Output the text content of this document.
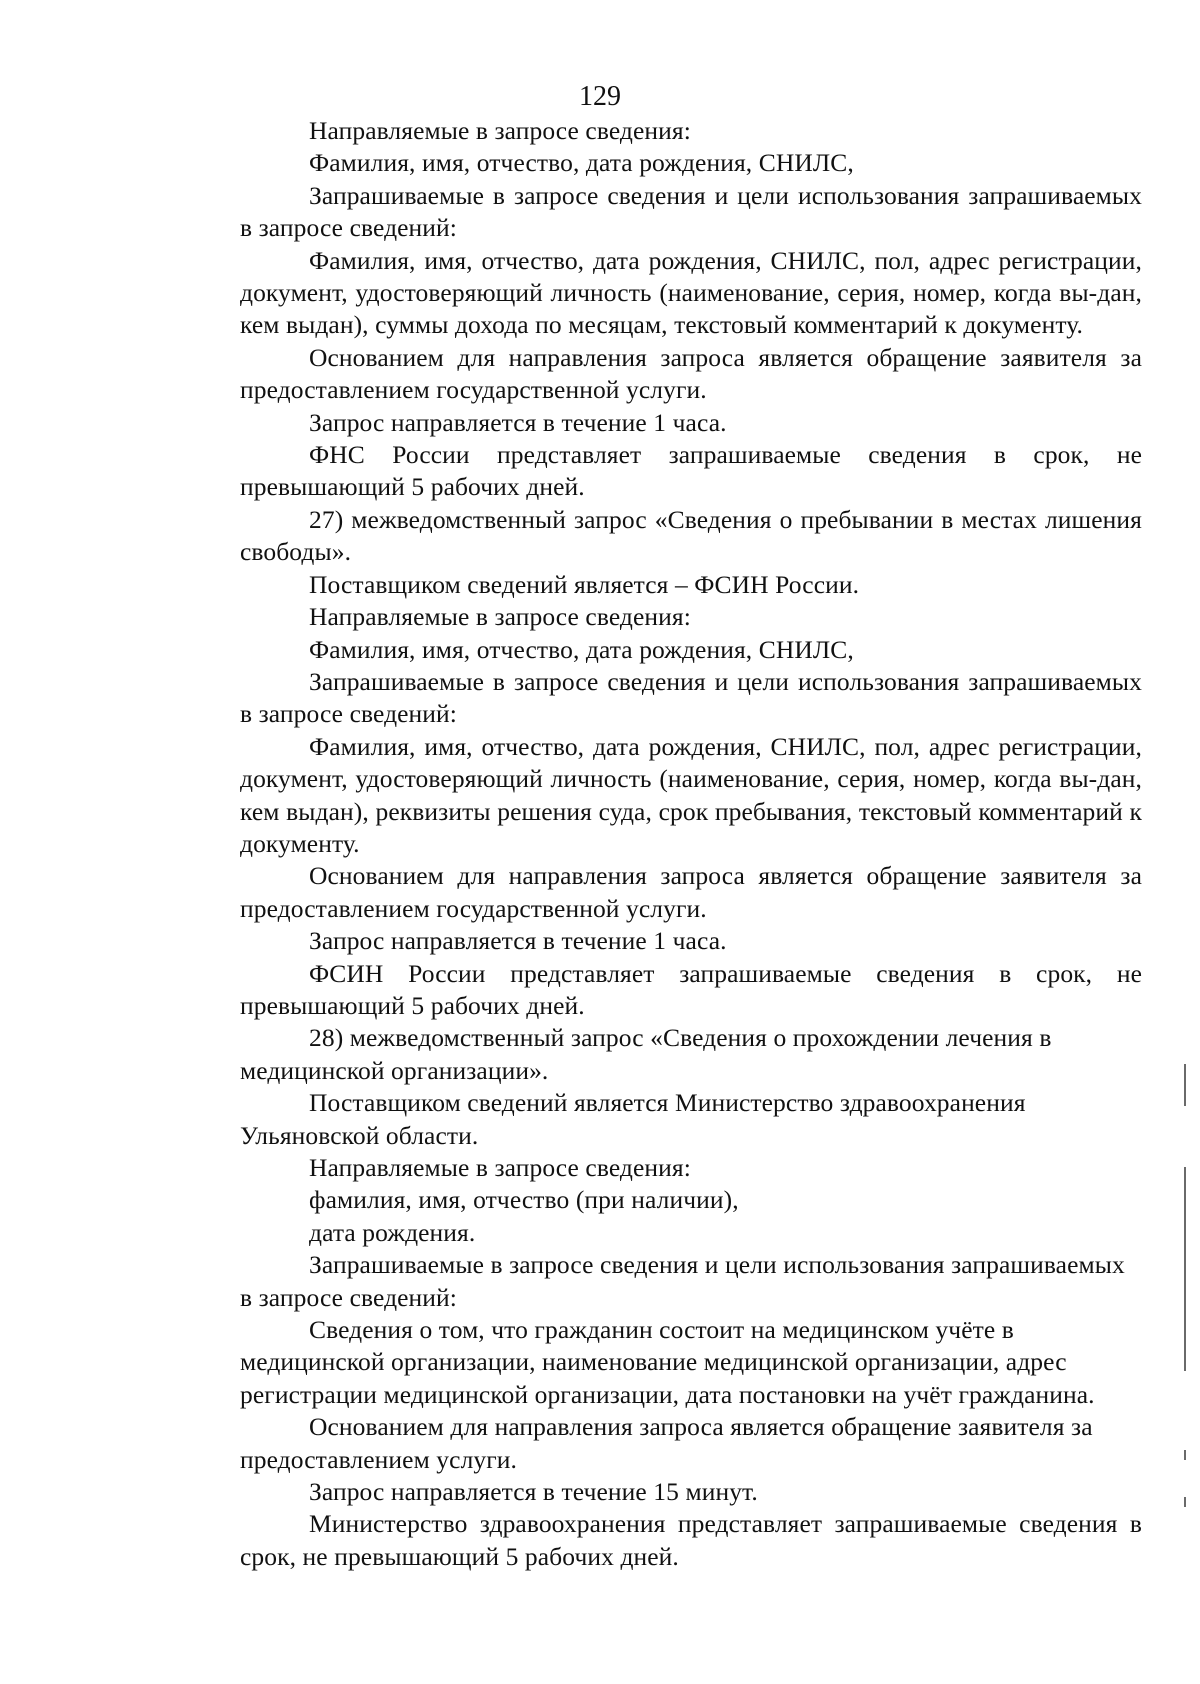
129

Направляемые в запросе сведения:

Фамилия, имя, отчество, дата рождения, СНИЛС,

Запрашиваемые в запросе сведения и цели использования запрашиваемых в запросе сведений:

Фамилия, имя, отчество, дата рождения, СНИЛС, пол, адрес регистрации, документ, удостоверяющий личность (наименование, серия, номер, когда вы-дан, кем выдан), суммы дохода по месяцам, текстовый комментарий к документу.

Основанием для направления запроса является обращение заявителя за предоставлением государственной услуги.

Запрос направляется в течение 1 часа.

ФНС России представляет запрашиваемые сведения в срок, не превышающий 5 рабочих дней.

27) межведомственный запрос «Сведения о пребывании в местах лишения свободы».

Поставщиком сведений является – ФСИН России.

Направляемые в запросе сведения:

Фамилия, имя, отчество, дата рождения, СНИЛС,

Запрашиваемые в запросе сведения и цели использования запрашиваемых в запросе сведений:

Фамилия, имя, отчество, дата рождения, СНИЛС, пол, адрес регистрации, документ, удостоверяющий личность (наименование, серия, номер, когда вы-дан, кем выдан), реквизиты решения суда, срок пребывания, текстовый комментарий к документу.

Основанием для направления запроса является обращение заявителя за предоставлением государственной услуги.

Запрос направляется в течение 1 часа.

ФСИН России представляет запрашиваемые сведения в срок, не превышающий 5 рабочих дней.

28) межведомственный запрос «Сведения о прохождении лечения в медицинской организации».

Поставщиком сведений является Министерство здравоохранения Ульяновской области.

Направляемые в запросе сведения:

фамилия, имя, отчество (при наличии),

дата рождения.

Запрашиваемые в запросе сведения и цели использования запрашиваемых в запросе сведений:

Сведения о том, что гражданин состоит на медицинском учёте в медицинской организации, наименование медицинской организации, адрес регистрации медицинской организации, дата постановки на учёт гражданина.

Основанием для направления запроса является обращение заявителя за предоставлением услуги.

Запрос направляется в течение 15 минут.

Министерство здравоохранения представляет запрашиваемые сведения в срок, не превышающий 5 рабочих дней.
